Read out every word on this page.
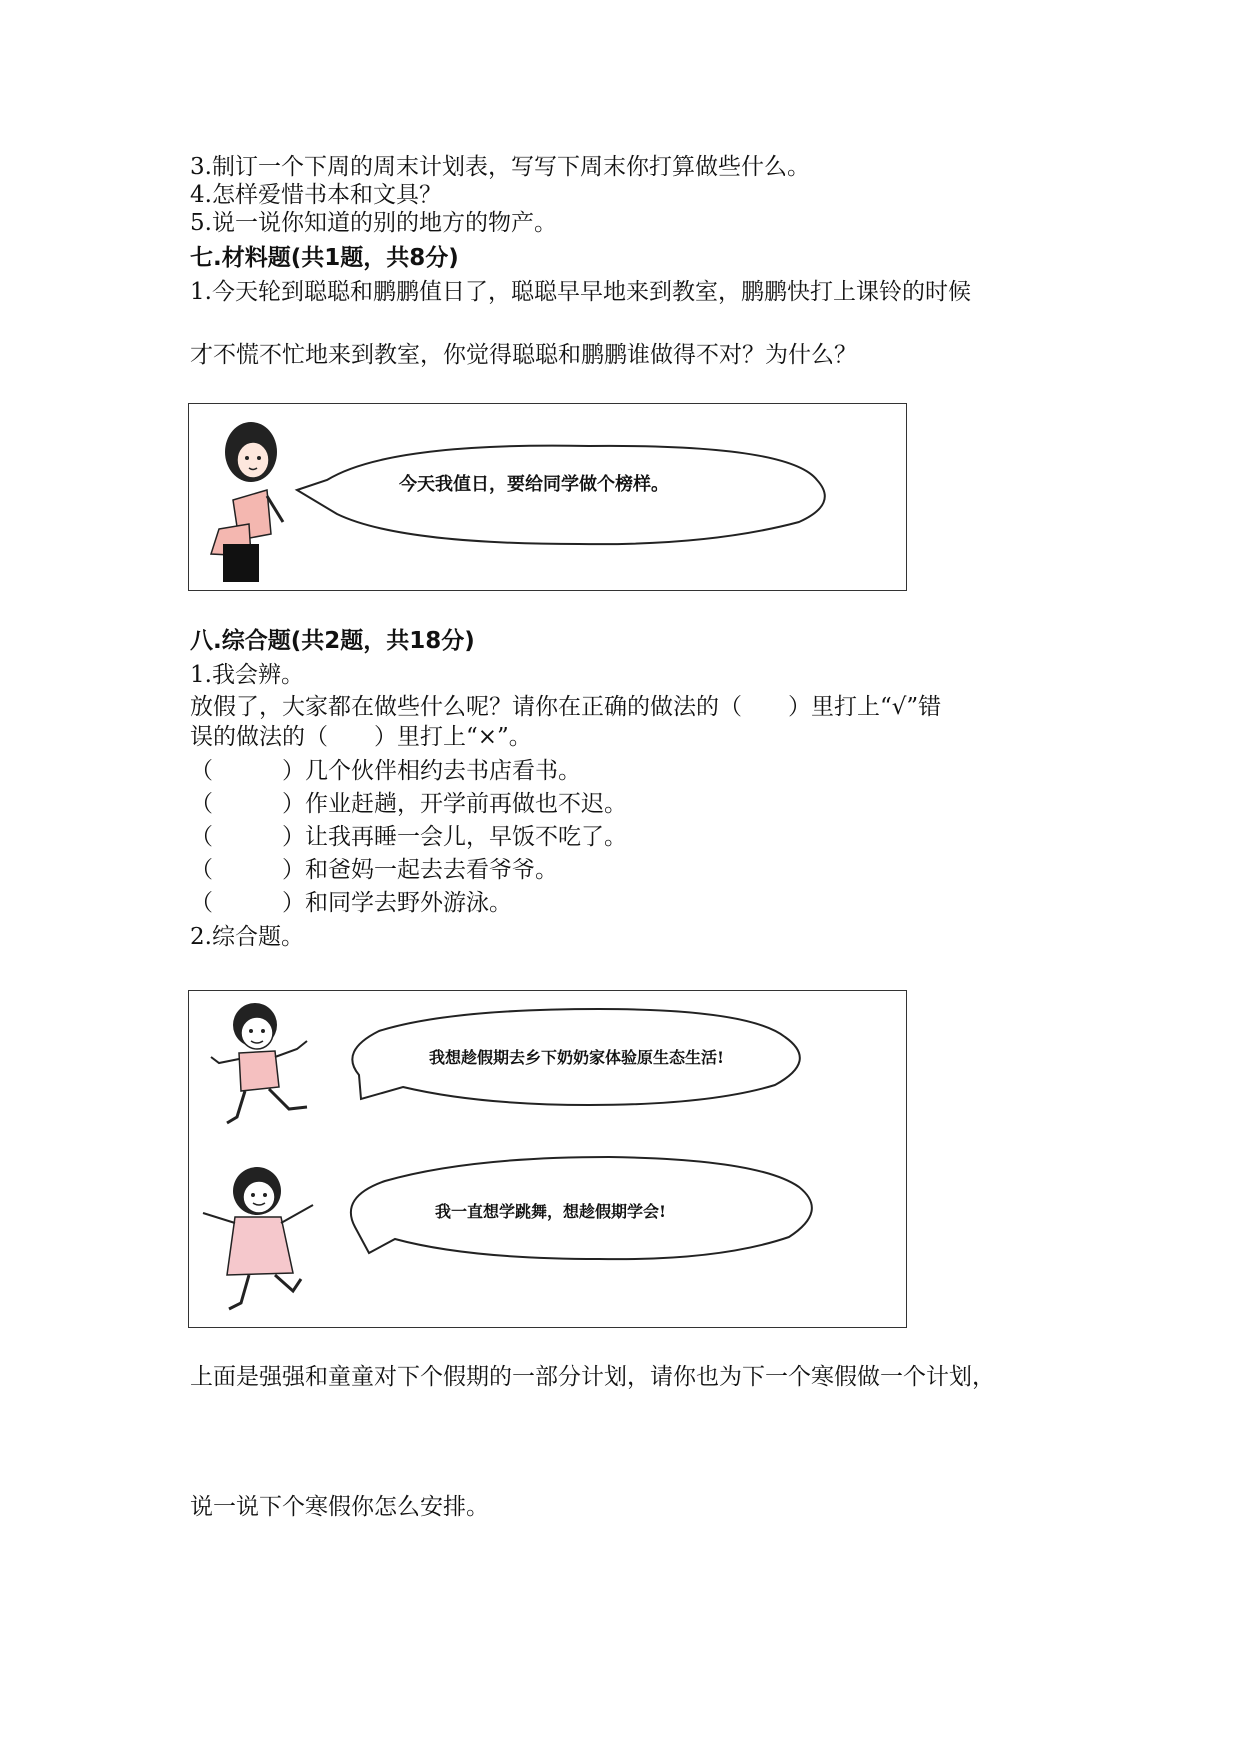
3.制订一个下周的周末计划表，写写下周末你打算做些什么。
4.怎样爱惜书本和文具？
5.说一说你知道的别的地方的物产。
七.材料题(共1题，共8分)
1.今天轮到聪聪和鹏鹏值日了，聪聪早早地来到教室，鹏鹏快打上课铃的时候
才不慌不忙地来到教室，你觉得聪聪和鹏鹏谁做得不对？为什么？
今天我值日，要给同学做个榜样。
八.综合题(共2题，共18分)
1.我会辨。
放假了，大家都在做些什么呢？请你在正确的做法的（　　）里打上“√”错
误的做法的（　　）里打上“×”。
（	）几个伙伴相约去书店看书。
（	）作业赶趟，开学前再做也不迟。
（	）让我再睡一会儿，早饭不吃了。
（	）和爸妈一起去去看爷爷。
（	）和同学去野外游泳。
2.综合题。
我想趁假期去乡下奶奶家体验原生态生活!
我一直想学跳舞，想趁假期学会!
上面是强强和童童对下个假期的一部分计划，请你也为下一个寒假做一个计划，
说一说下个寒假你怎么安排。
